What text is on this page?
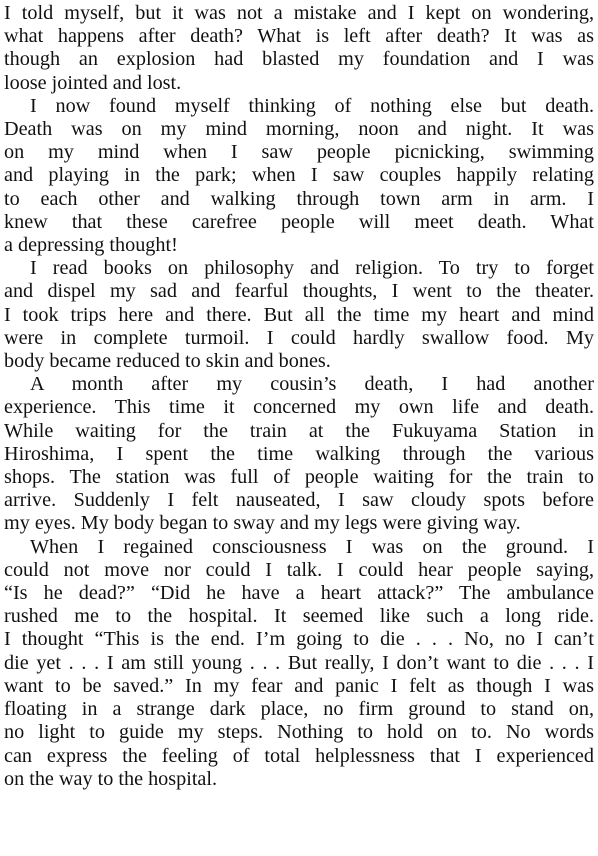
I told myself, but it was not a mistake and I kept on wondering,
what happens after death? What is left after death? It was as
though an explosion had blasted my foundation and I was
loose jointed and lost.

I now found myself thinking of nothing else but death.
Death was on my mind morning, noon and night. It was
on my mind when I saw people picnicking, swimming
and playing in the park; when I saw couples happily relating
to each other and walking through town arm in arm. I
knew that these carefree people will meet death. What
a depressing thought!

I read books on philosophy and religion. To try to forget
and dispel my sad and fearful thoughts, I went to the theater.
I took trips here and there. But all the time my heart and mind
were in complete turmoil. I could hardly swallow food. My
body became reduced to skin and bones.

A month after my cousin’s death, I had another
experience. This time it concerned my own life and death.
While waiting for the train at the Fukuyama Station in
Hiroshima, I spent the time walking through the various
shops. The station was full of people waiting for the train to
arrive. Suddenly I felt nauseated, I saw cloudy spots before
my eyes. My body began to sway and my legs were giving way.

When I regained consciousness I was on the ground. I
could not move nor could I talk. I could hear people saying,
“Is he dead?” “Did he have a heart attack?” The ambulance
rushed me to the hospital. It seemed like such a long ride.
I thought “This is the end. I’m going to die . . . No, no I can’t
die yet . . . I am still young . . . But really, I don’t want to die . . . I
want to be saved.” In my fear and panic I felt as though I was
floating in a strange dark place, no firm ground to stand on,
no light to guide my steps. Nothing to hold on to. No words
can express the feeling of total helplessness that I experienced
on the way to the hospital.
